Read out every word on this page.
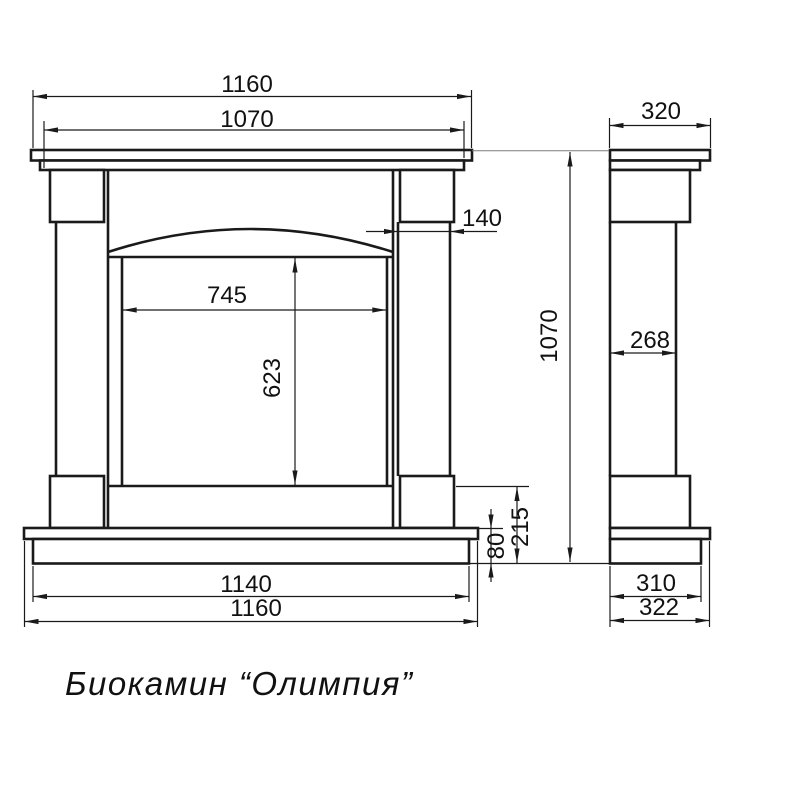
1160
1070
140
745
623
215
80
1140
1160
320
1070	268
310
322
Биокамин “Олимпия”
